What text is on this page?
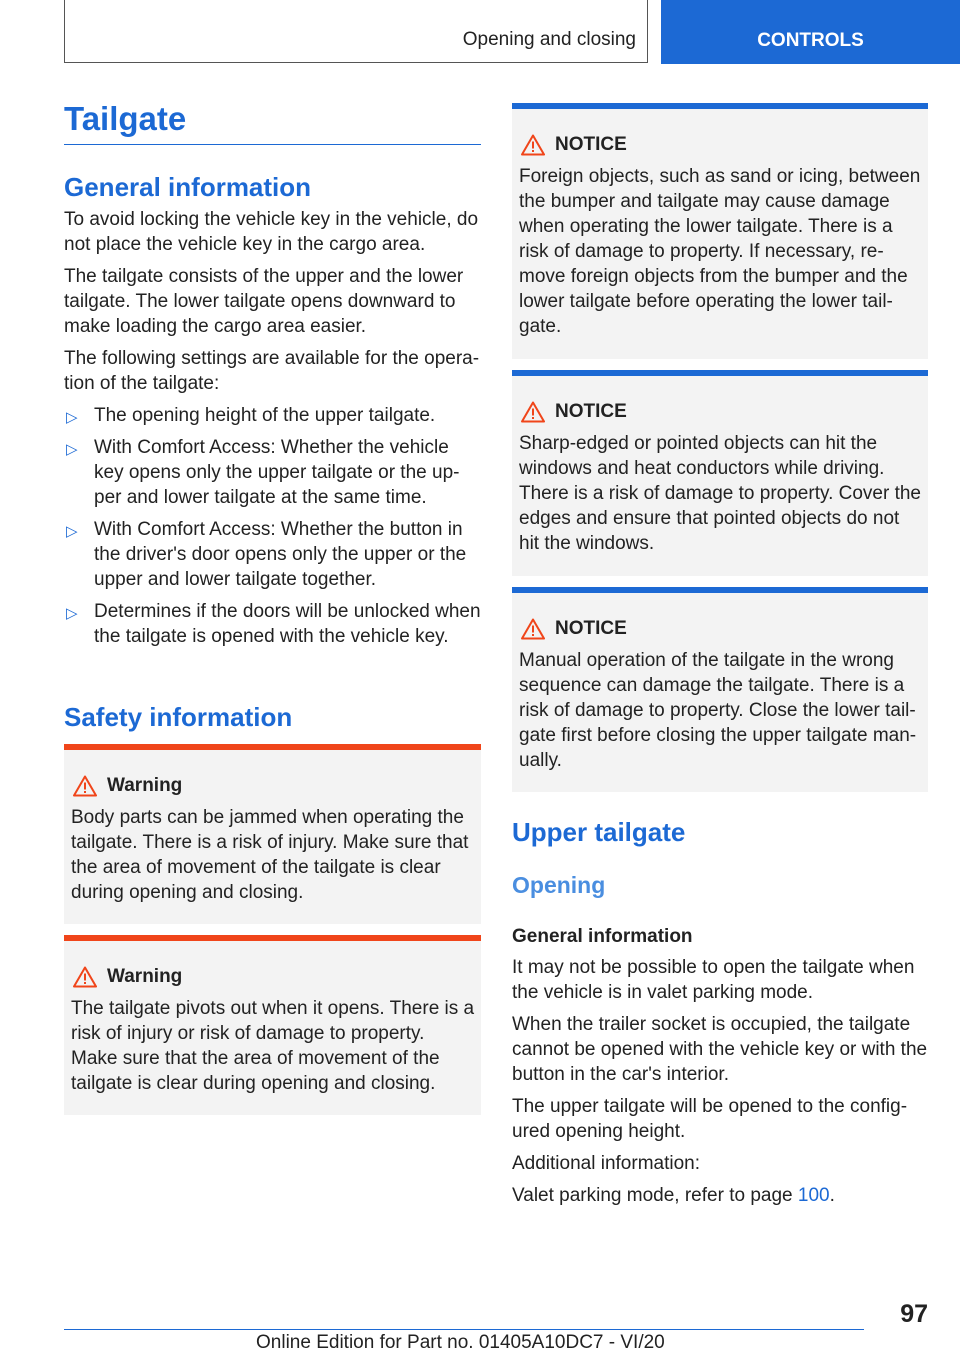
Opening and closing	CONTROLS
Tailgate
General information

To avoid locking the vehicle key in the vehicle, do not place the vehicle key in the cargo area.

The tailgate consists of the upper and the lower tailgate. The lower tailgate opens downward to make loading the cargo area easier.

The following settings are available for the opera‐tion of the tailgate:

▷ The opening height of the upper tailgate.
▷ With Comfort Access: Whether the vehicle key opens only the upper tailgate or the up‐per and lower tailgate at the same time.
▷ With Comfort Access: Whether the button in the driver's door opens only the upper or the upper and lower tailgate together.
▷ Determines if the doors will be unlocked when the tailgate is opened with the vehicle key.
Safety information
Warning
Body parts can be jammed when operating the tailgate. There is a risk of injury. Make sure that the area of movement of the tailgate is clear during opening and closing.
Warning
The tailgate pivots out when it opens. There is a risk of injury or risk of damage to property. Make sure that the area of movement of the tailgate is clear during opening and closing.
NOTICE
Foreign objects, such as sand or icing, between the bumper and tailgate may cause damage when operating the lower tailgate. There is a risk of damage to property. If necessary, re‐move foreign objects from the bumper and the lower tailgate before operating the lower tail‐gate.
NOTICE
Sharp-edged or pointed objects can hit the windows and heat conductors while driving. There is a risk of damage to property. Cover the edges and ensure that pointed objects do not hit the windows.
NOTICE
Manual operation of the tailgate in the wrong sequence can damage the tailgate. There is a risk of damage to property. Close the lower tail‐gate first before closing the upper tailgate man‐ually.
Upper tailgate
Opening
General information

It may not be possible to open the tailgate when the vehicle is in valet parking mode.

When the trailer socket is occupied, the tailgate cannot be opened with the vehicle key or with the button in the car's interior.

The upper tailgate will be opened to the config‐ured opening height.

Additional information:

Valet parking mode, refer to page 100.

97
Online Edition for Part no. 01405A10DC7 - VI/20
